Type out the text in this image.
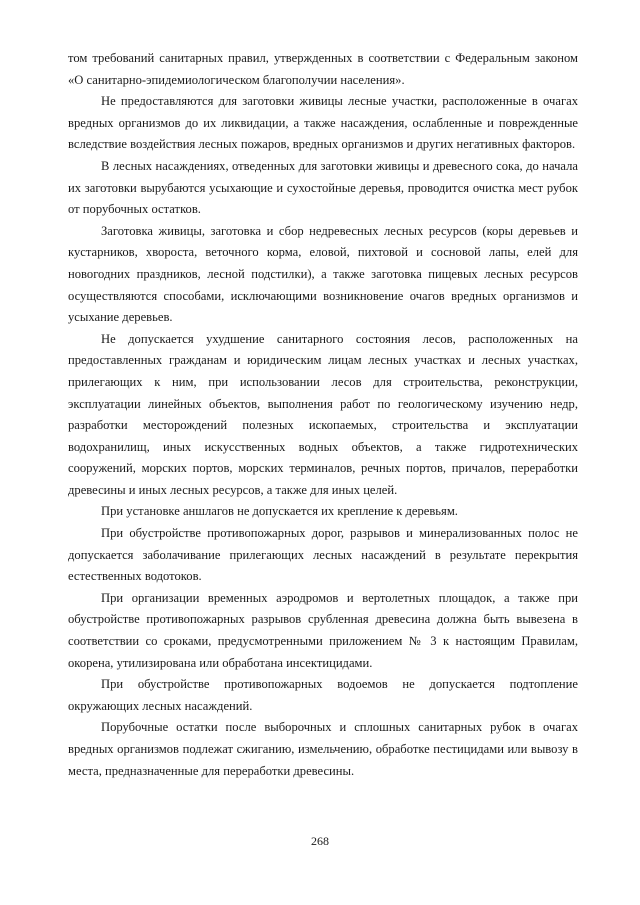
том требований санитарных правил, утвержденных в соответствии с Федеральным законом «О санитарно-эпидемиологическом благополучии населения».

Не предоставляются для заготовки живицы лесные участки, расположенные в очагах вредных организмов до их ликвидации, а также насаждения, ослабленные и поврежденные вследствие воздействия лесных пожаров, вредных организмов и других негативных факторов.

В лесных насаждениях, отведенных для заготовки живицы и древесного сока, до начала их заготовки вырубаются усыхающие и сухостойные деревья, проводится очистка мест рубок от порубочных остатков.

Заготовка живицы, заготовка и сбор недревесных лесных ресурсов (коры деревьев и кустарников, хвороста, веточного корма, еловой, пихтовой и сосновой лапы, елей для новогодних праздников, лесной подстилки), а также заготовка пищевых лесных ресурсов осуществляются способами, исключающими возникновение очагов вредных организмов и усыхание деревьев.

Не допускается ухудшение санитарного состояния лесов, расположенных на предоставленных гражданам и юридическим лицам лесных участках и лесных участках, прилегающих к ним, при использовании лесов для строительства, реконструкции, эксплуатации линейных объектов, выполнения работ по геологическому изучению недр, разработки месторождений полезных ископаемых, строительства и эксплуатации водохранилищ, иных искусственных водных объектов, а также гидротехнических сооружений, морских портов, морских терминалов, речных портов, причалов, переработки древесины и иных лесных ресурсов, а также для иных целей.

При установке аншлагов не допускается их крепление к деревьям.

При обустройстве противопожарных дорог, разрывов и минерализованных полос не допускается заболачивание прилегающих лесных насаждений в результате перекрытия естественных водотоков.

При организации временных аэродромов и вертолетных площадок, а также при обустройстве противопожарных разрывов срубленная древесина должна быть вывезена в соответствии со сроками, предусмотренными приложением № 3 к настоящим Правилам, окорена, утилизирована или обработана инсектицидами.

При обустройстве противопожарных водоемов не допускается подтопление окружающих лесных насаждений.

Порубочные остатки после выборочных и сплошных санитарных рубок в очагах вредных организмов подлежат сжиганию, измельчению, обработке пестицидами или вывозу в места, предназначенные для переработки древесины.

268
